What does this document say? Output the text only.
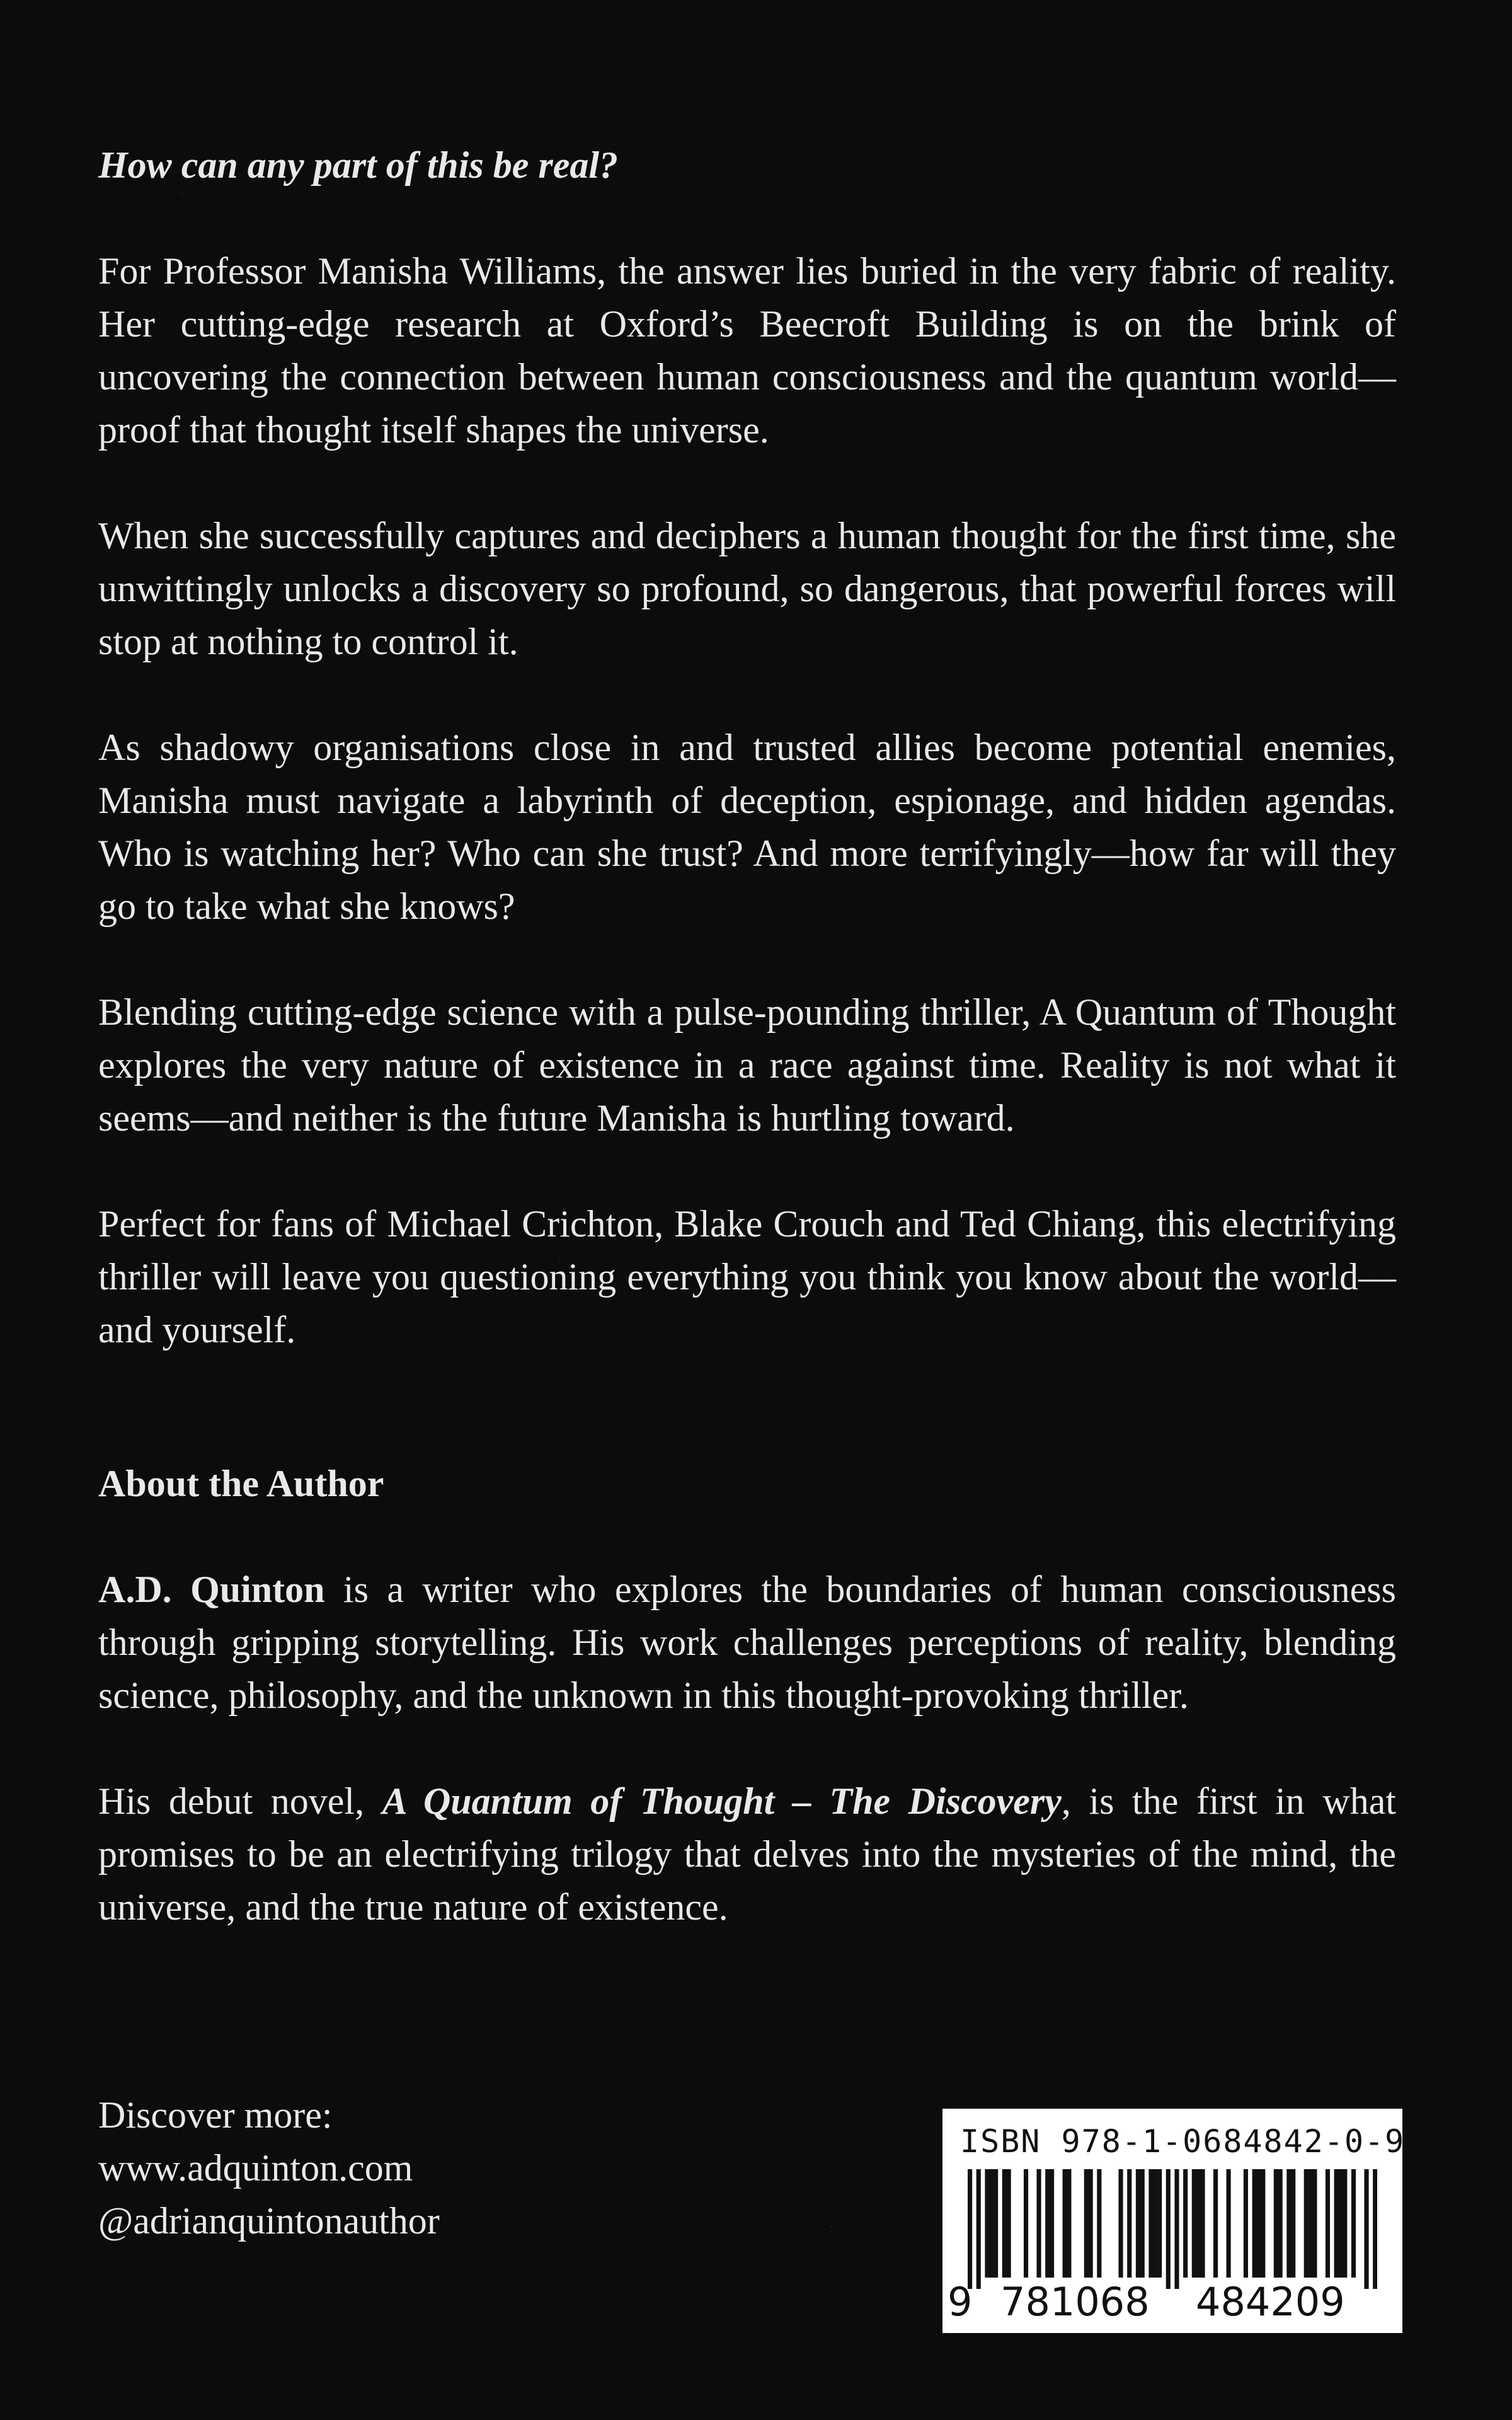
How can any part of this be real?

For Professor Manisha Williams, the answer lies buried in the very fabric of reality. Her cutting-edge research at Oxford’s Beecroft Building is on the brink of uncovering the connection between human consciousness and the quantum world—proof that thought itself shapes the universe.

When she successfully captures and deciphers a human thought for the first time, she unwittingly unlocks a discovery so profound, so dangerous, that powerful forces will stop at nothing to control it.

As shadowy organisations close in and trusted allies become potential enemies, Manisha must navigate a labyrinth of deception, espionage, and hidden agendas. Who is watching her? Who can she trust? And more terrifyingly—how far will they go to take what she knows?

Blending cutting-edge science with a pulse-pounding thriller, A Quantum of Thought explores the very nature of existence in a race against time. Reality is not what it seems—and neither is the future Manisha is hurtling toward.

Perfect for fans of Michael Crichton, Blake Crouch and Ted Chiang, this electrifying thriller will leave you questioning everything you think you know about the world—and yourself.

About the Author

A.D. Quinton is a writer who explores the boundaries of human consciousness through gripping storytelling. His work challenges perceptions of reality, blending science, philosophy, and the unknown in this thought-provoking thriller.

His debut novel, A Quantum of Thought – The Discovery, is the first in what promises to be an electrifying trilogy that delves into the mysteries of the mind, the universe, and the true nature of existence.

Discover more:
www.adquinton.com
@adrianquintonauthor
ISBN 978-1-0684842-0-9
9 781068 484209
